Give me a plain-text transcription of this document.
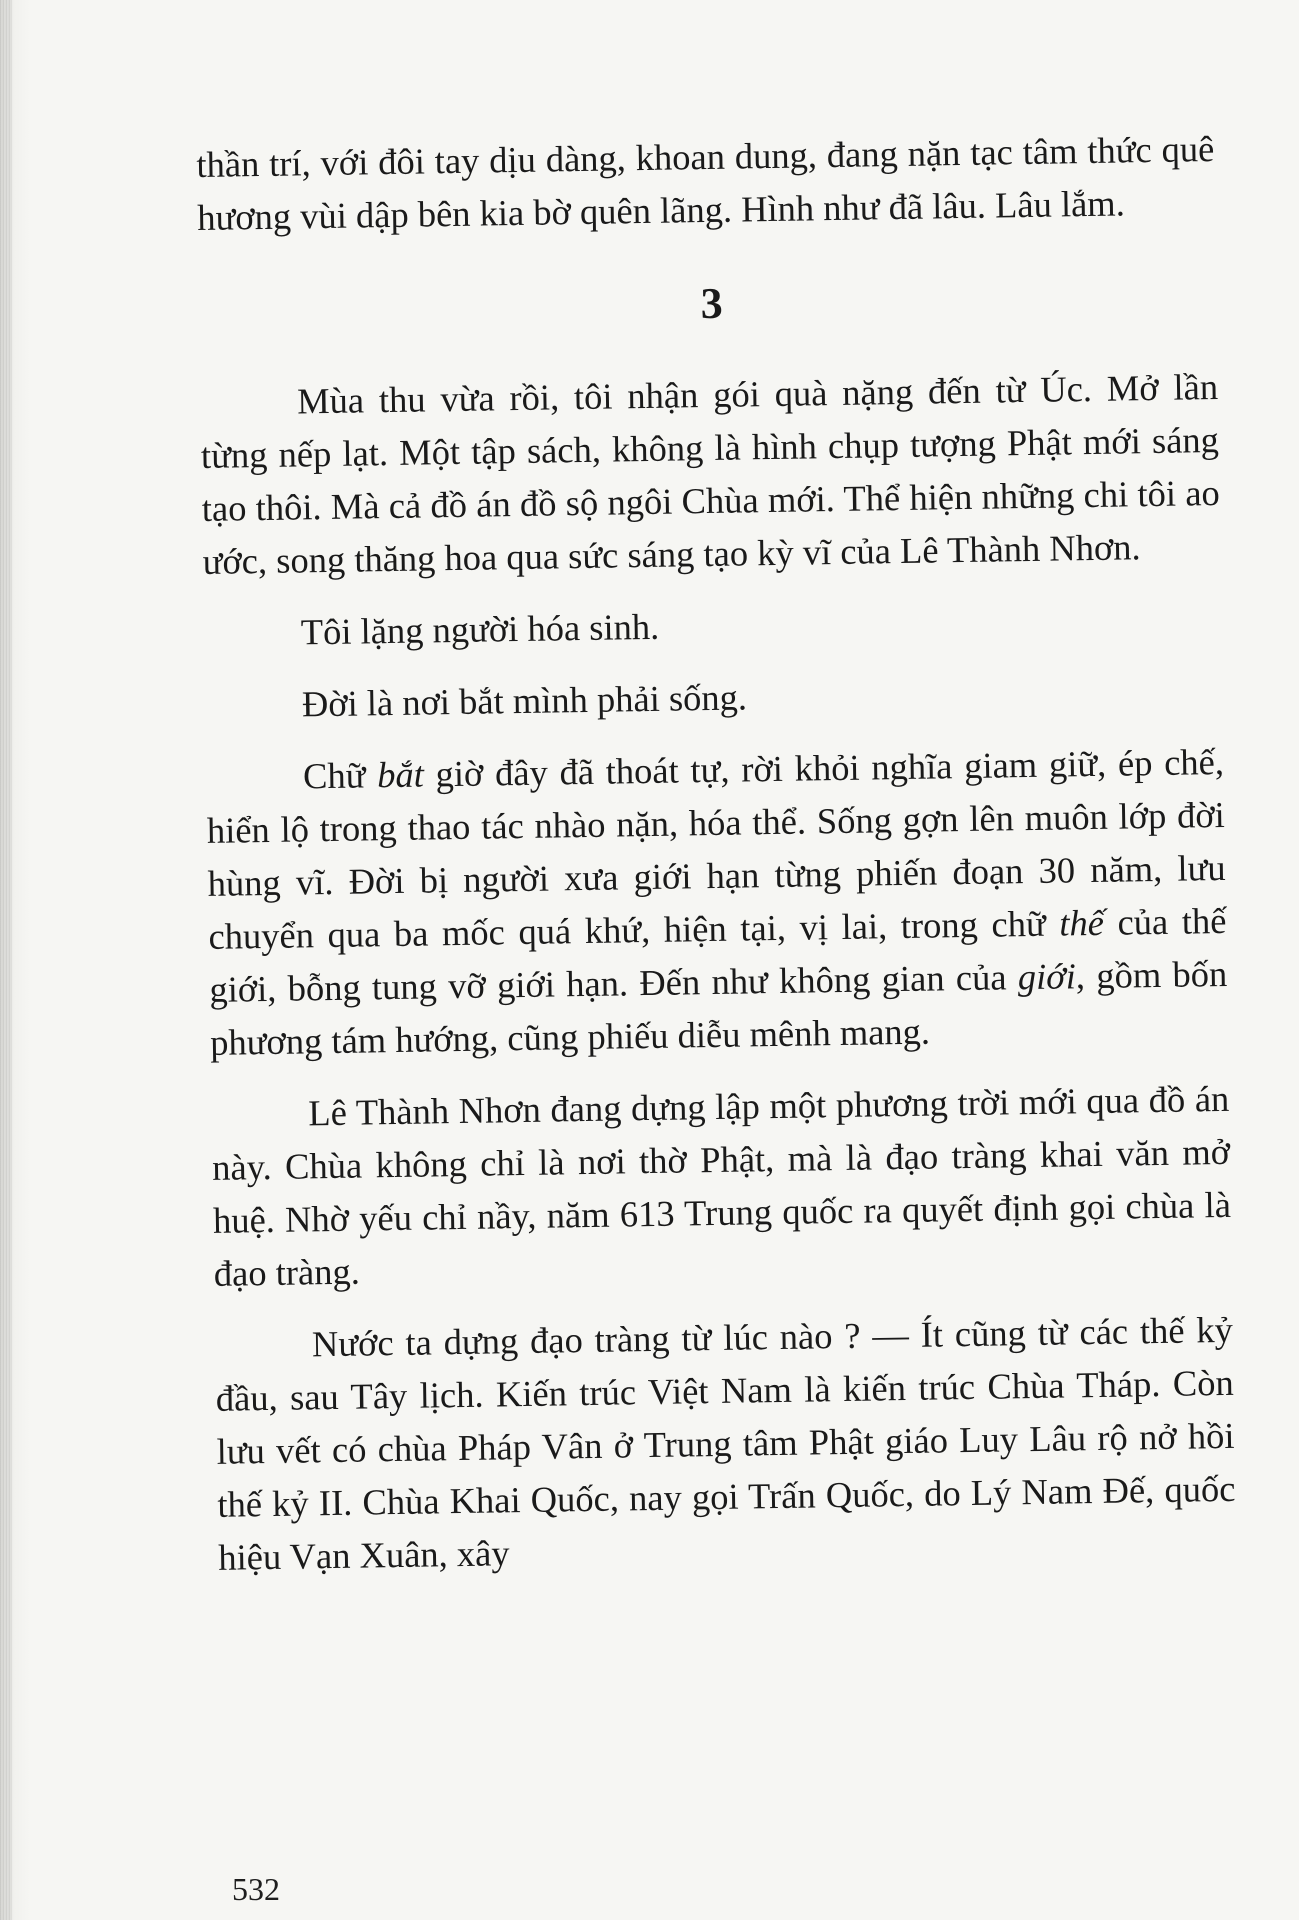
thần trí, với đôi tay dịu dàng, khoan dung, đang nặn tạc tâm thức quê hương vùi dập bên kia bờ quên lãng. Hình như đã lâu. Lâu lắm.

3

Mùa thu vừa rồi, tôi nhận gói quà nặng đến từ Úc. Mở lần từng nếp lạt. Một tập sách, không là hình chụp tượng Phật mới sáng tạo thôi. Mà cả đồ án đồ sộ ngôi Chùa mới. Thể hiện những chi tôi ao ước, song thăng hoa qua sức sáng tạo kỳ vĩ của Lê Thành Nhơn.

Tôi lặng người hóa sinh.

Đời là nơi bắt mình phải sống.

Chữ bắt giờ đây đã thoát tự, rời khỏi nghĩa giam giữ, ép chế, hiển lộ trong thao tác nhào nặn, hóa thể. Sống gợn lên muôn lớp đời hùng vĩ. Đời bị người xưa giới hạn từng phiến đoạn 30 năm, lưu chuyển qua ba mốc quá khứ, hiện tại, vị lai, trong chữ thế của thế giới, bỗng tung vỡ giới hạn. Đến như không gian của giới, gồm bốn phương tám hướng, cũng phiếu diễu mênh mang.

Lê Thành Nhơn đang dựng lập một phương trời mới qua đồ án này. Chùa không chỉ là nơi thờ Phật, mà là đạo tràng khai văn mở huệ. Nhờ yếu chỉ nầy, năm 613 Trung quốc ra quyết định gọi chùa là đạo tràng.

Nước ta dựng đạo tràng từ lúc nào ? — Ít cũng từ các thế kỷ đầu, sau Tây lịch. Kiến trúc Việt Nam là kiến trúc Chùa Tháp. Còn lưu vết có chùa Pháp Vân ở Trung tâm Phật giáo Luy Lâu rộ nở hồi thế kỷ II. Chùa Khai Quốc, nay gọi Trấn Quốc, do Lý Nam Đế, quốc hiệu Vạn Xuân, xây

532
